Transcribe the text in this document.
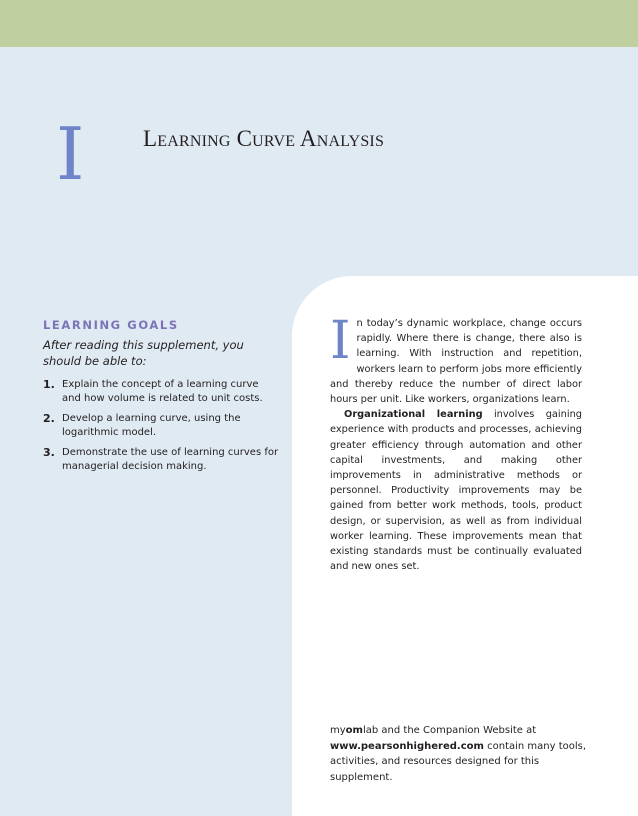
I	Learning Curve Analysis
LEARNING GOALS
After reading this supplement, you should be able to:
1. Explain the concept of a learning curve and how volume is related to unit costs.
2. Develop a learning curve, using the logarithmic model.
3. Demonstrate the use of learning curves for managerial decision making.

In today’s dynamic workplace, change occurs rapidly. Where there is change, there also is learning. With instruction and repetition, workers learn to perform jobs more efficiently and thereby reduce the number of direct labor hours per unit. Like workers, organizations learn.

Organizational learning involves gaining experience with products and processes, achieving greater efficiency through automation and other capital investments, and making other improvements in administrative methods or personnel. Productivity improvements may be gained from better work methods, tools, product design, or supervision, as well as from individual worker learning. These improvements mean that existing standards must be continually evaluated and new ones set.

myomlab and the Companion Website at www.pearsonhighered.com contain many tools, activities, and resources designed for this supplement.
